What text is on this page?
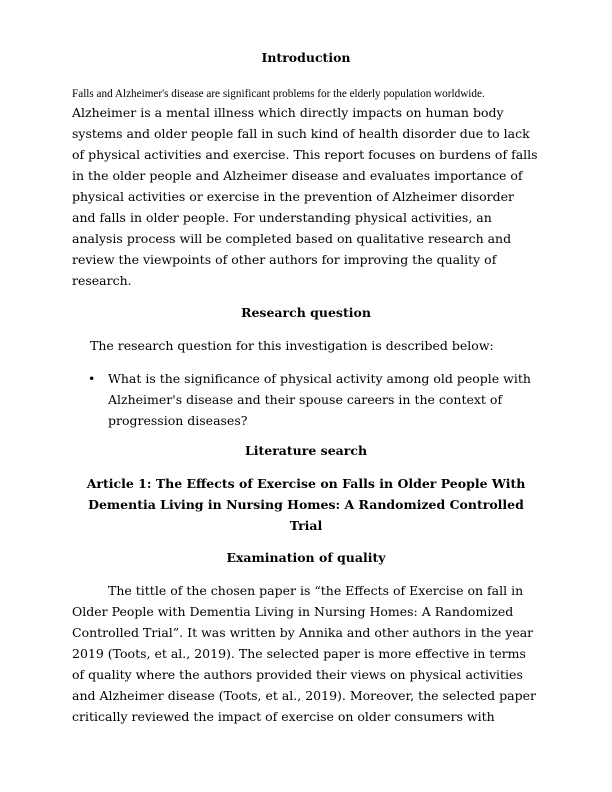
Introduction

Falls and Alzheimer's disease are significant problems for the elderly population worldwide.

Alzheimer is a mental illness which directly impacts on human body systems and older people fall in such kind of health disorder due to lack of physical activities and exercise. This report focuses on burdens of falls in the older people and Alzheimer disease and evaluates importance of physical activities or exercise in the prevention of Alzheimer disorder and falls in older people. For understanding physical activities, an analysis process will be completed based on qualitative research and review the viewpoints of other authors for improving the quality of research.

Research question

The research question for this investigation is described below:

• What is the significance of physical activity among old people with Alzheimer's disease and their spouse careers in the context of progression diseases?
Literature search

Article 1: The Effects of Exercise on Falls in Older People With Dementia Living in Nursing Homes: A Randomized Controlled Trial

Examination of quality

The tittle of the chosen paper is “the Effects of Exercise on fall in Older People with Dementia Living in Nursing Homes: A Randomized Controlled Trial”. It was written by Annika and other authors in the year 2019 (Toots, et al., 2019). The selected paper is more effective in terms of quality where the authors provided their views on physical activities and Alzheimer disease (Toots, et al., 2019). Moreover, the selected paper critically reviewed the impact of exercise on older consumers with
